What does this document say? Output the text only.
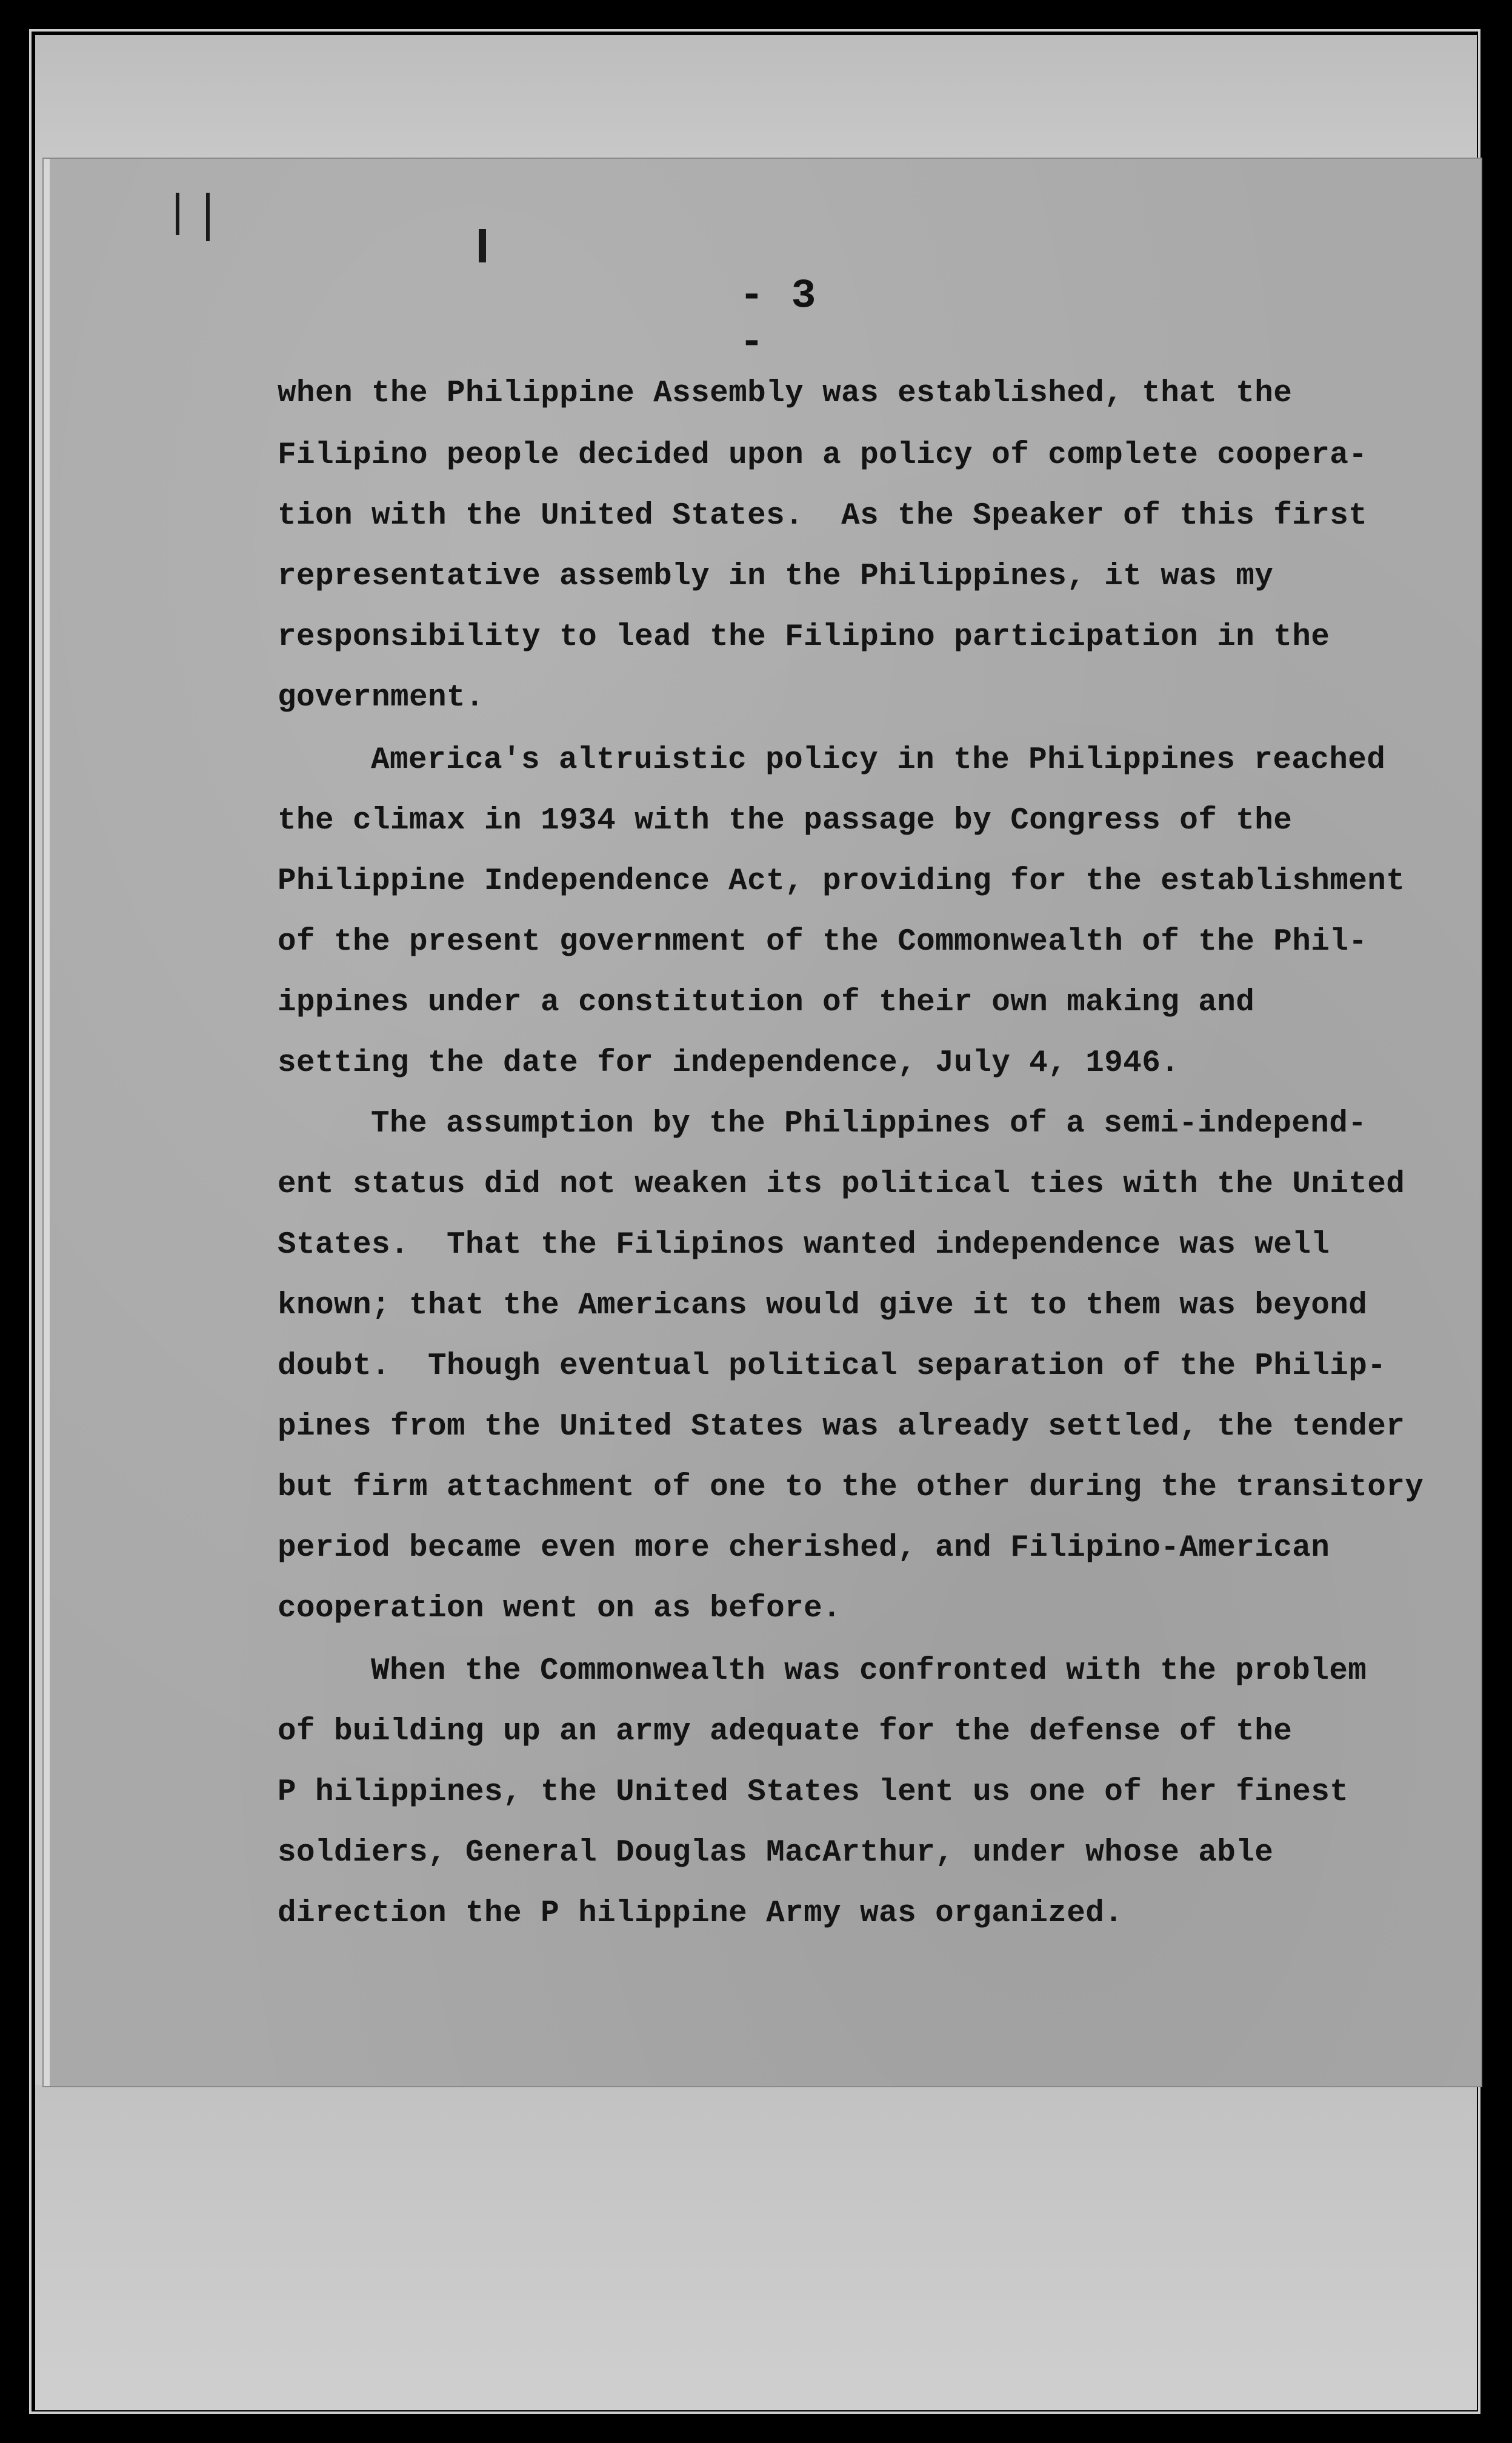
- 3 -
when the Philippine Assembly was established, that the
Filipino people decided upon a policy of complete coopera-
tion with the United States.  As the Speaker of this first
representative assembly in the Philippines, it was my
responsibility to lead the Filipino participation in the
government.
America's altruistic policy in the Philippines reached
the climax in 1934 with the passage by Congress of the
Philippine Independence Act, providing for the establishment
of the present government of the Commonwealth of the Phil-
ippines under a constitution of their own making and
setting the date for independence, July 4, 1946.
The assumption by the Philippines of a semi-independ-
ent status did not weaken its political ties with the United
States.  That the Filipinos wanted independence was well
known; that the Americans would give it to them was beyond
doubt.  Though eventual political separation of the Philip-
pines from the United States was already settled, the tender
but firm attachment of one to the other during the transitory
period became even more cherished, and Filipino-American
cooperation went on as before.
When the Commonwealth was confronted with the problem
of building up an army adequate for the defense of the
P hilippines, the United States lent us one of her finest
soldiers, General Douglas MacArthur, under whose able
direction the P hilippine Army was organized.
